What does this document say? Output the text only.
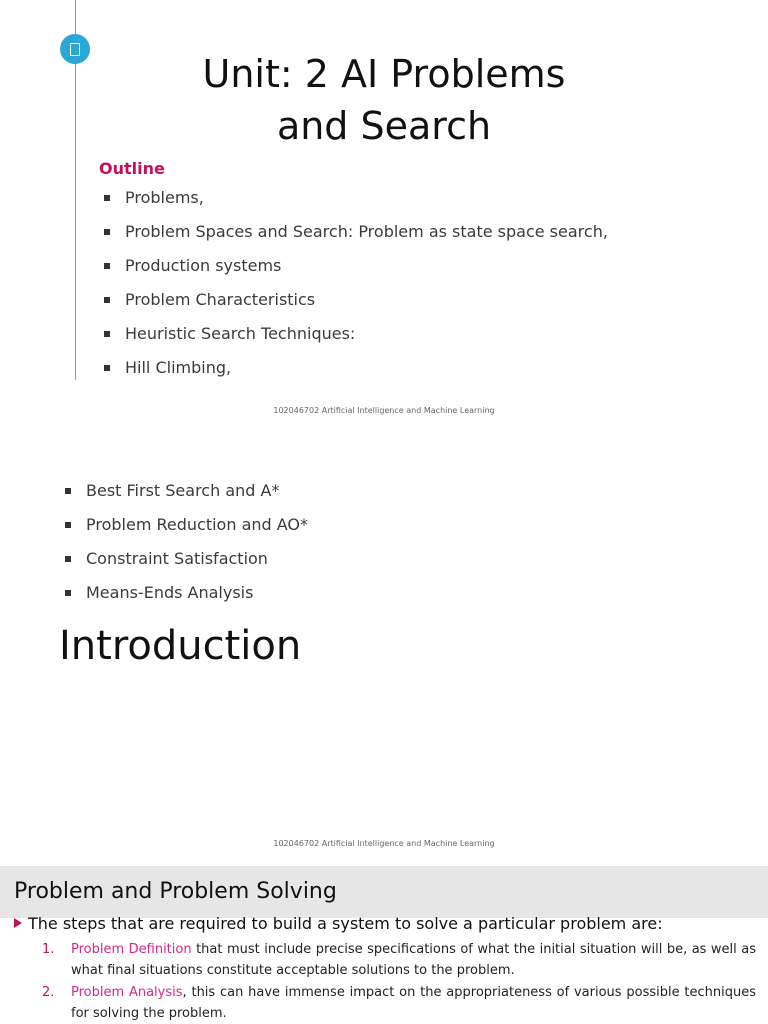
Unit: 2 AI Problems
and Search
Outline
Problems,
Problem Spaces and Search: Problem as state space search,
Production systems
Problem Characteristics
Heuristic Search Techniques:
Hill Climbing,
102046702 Artificial Intelligence and Machine Learning
Best First Search and A*
Problem Reduction and AO*
Constraint Satisfaction
Means-Ends Analysis
Introduction
102046702 Artificial Intelligence and Machine Learning
Problem and Problem Solving
The steps that are required to build a system to solve a particular problem are:
1. Problem Definition that must include precise specifications of what the initial situation will be, as well as what final situations constitute acceptable solutions to the problem.
2. Problem Analysis, this can have immense impact on the appropriateness of various possible techniques for solving the problem.
